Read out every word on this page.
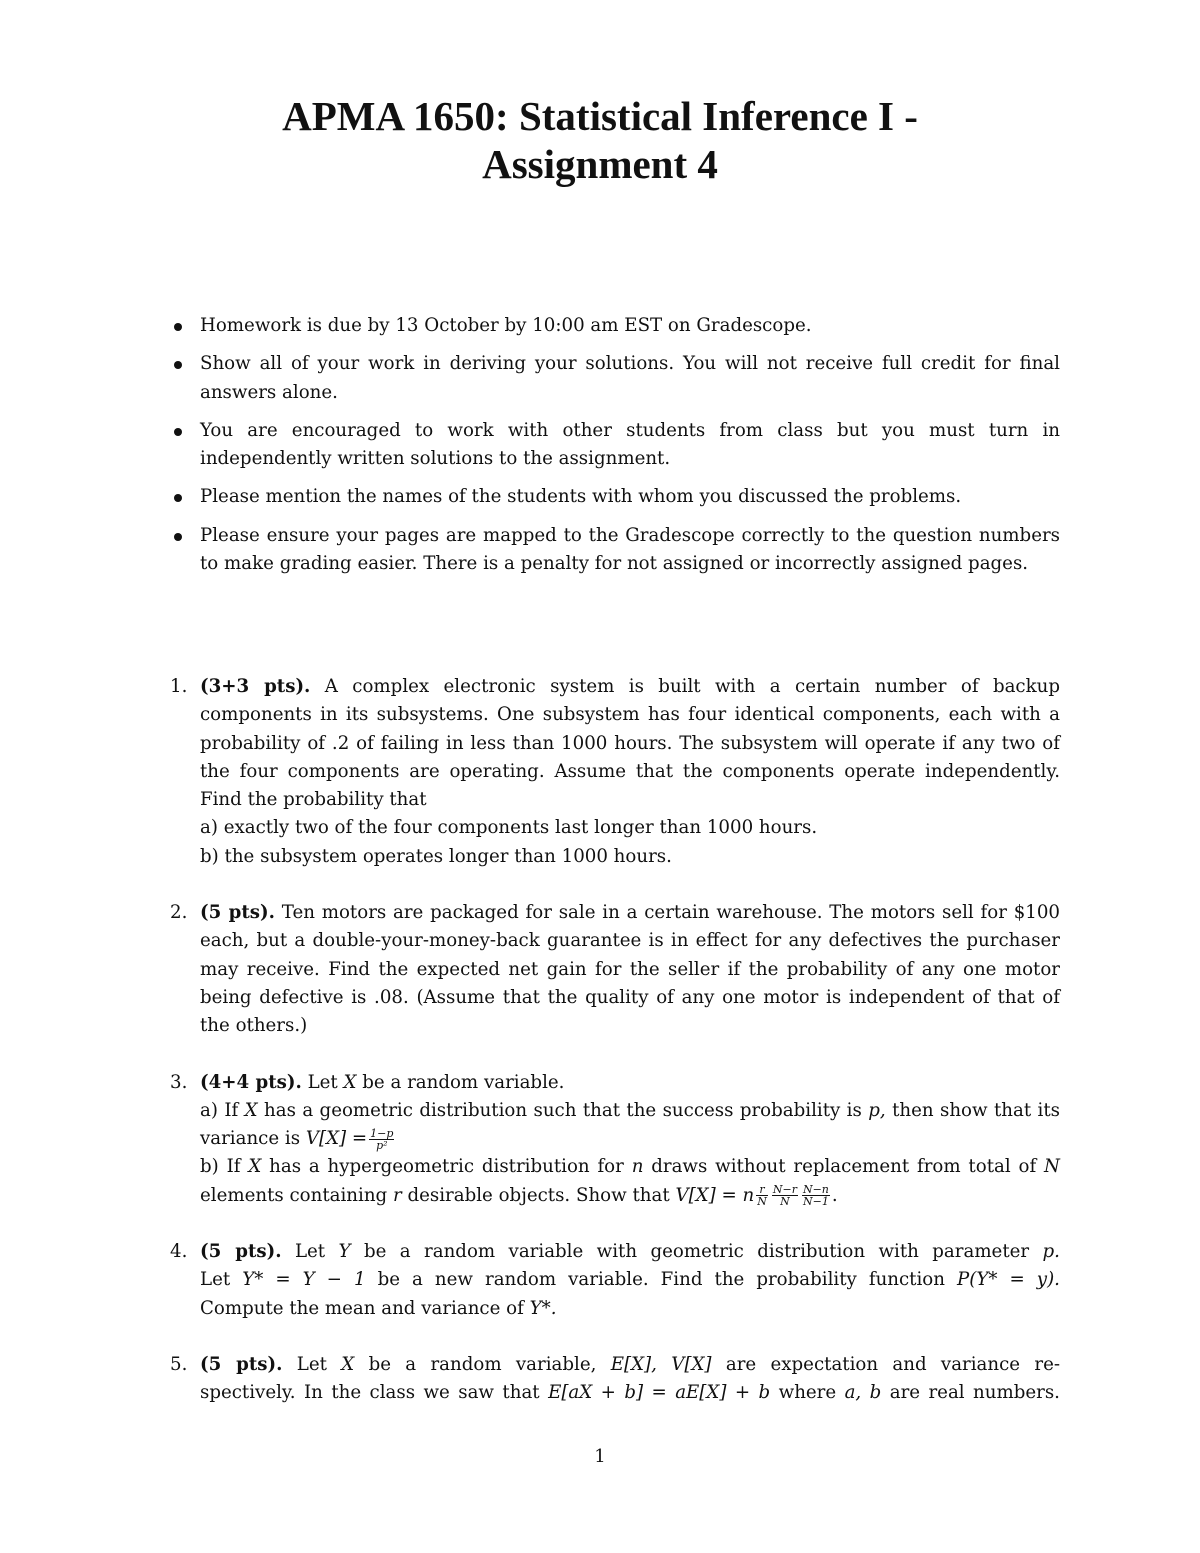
APMA 1650: Statistical Inference I -
Assignment 4
Homework is due by 13 October by 10:00 am EST on Gradescope.
Show all of your work in deriving your solutions. You will not receive full credit for final answers alone.
You are encouraged to work with other students from class but you must turn in independently written solutions to the assignment.
Please mention the names of the students with whom you discussed the problems.
Please ensure your pages are mapped to the Gradescope correctly to the question numbers to make grading easier. There is a penalty for not assigned or incorrectly assigned pages.
1. (3+3 pts). A complex electronic system is built with a certain number of backup components in its subsystems. One subsystem has four identical components, each with a probability of .2 of failing in less than 1000 hours. The subsystem will operate if any two of the four components are operating. Assume that the components operate independently. Find the probability that
a) exactly two of the four components last longer than 1000 hours.
b) the subsystem operates longer than 1000 hours.
2. (5 pts). Ten motors are packaged for sale in a certain warehouse. The motors sell for $100 each, but a double-your-money-back guarantee is in effect for any defectives the purchaser may receive. Find the expected net gain for the seller if the probability of any one motor being defective is .08. (Assume that the quality of any one motor is independent of that of the others.)
3. (4+4 pts). Let X be a random variable.
a) If X has a geometric distribution such that the success probability is p, then show that its variance is $V[X] = \frac{1-p}{\text{p²}}$
b) If X has a hypergeometric distribution for n draws without replacement from total of N elements containing r desirable objects. Show that V[X] = n $\frac{r}{N} \frac{N-r}{N} \frac{N-n}{N-1}$ .
4. (5 pts). Let Y be a random variable with geometric distribution with parameter p.
Let Y* = Y − 1 be a new random variable. Find the probability function P(Y* = y).
Compute the mean and variance of Y*.
5. (5 pts). Let X be a random variable, E[X], V[X] are expectation and variance re-
spectively. In the class we saw that E[aX + b] = aE[X] + b where a, b are real numbers.
1
